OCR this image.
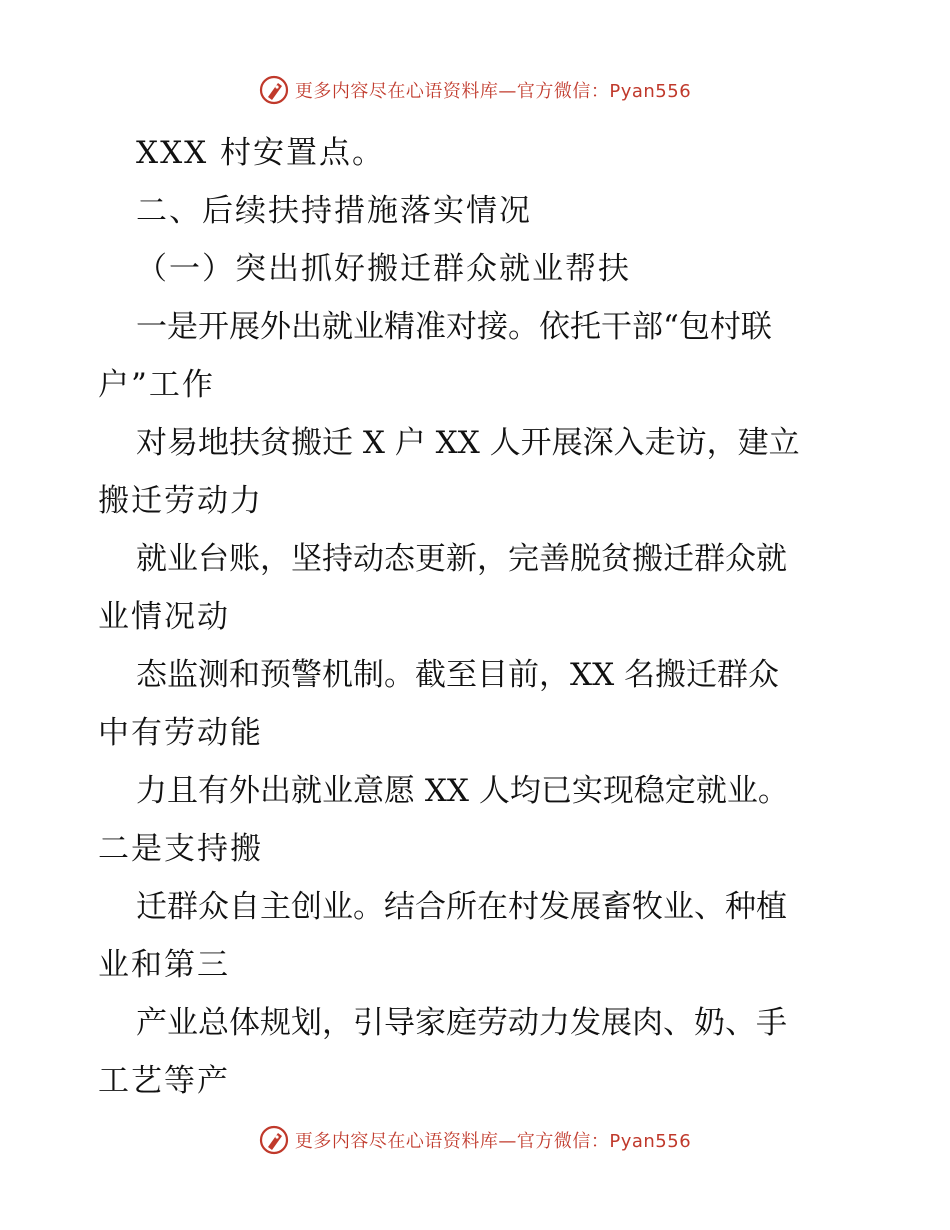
更多内容尽在心语资料库—官方微信：Pyan556
XXX 村安置点。
二、后续扶持措施落实情况
（一）突出抓好搬迁群众就业帮扶
一是开展外出就业精准对接。依托干部“包村联
户”工作
对易地扶贫搬迁 X 户 XX 人开展深入走访，建立
搬迁劳动力
就业台账，坚持动态更新，完善脱贫搬迁群众就
业情况动
态监测和预警机制。截至目前，XX 名搬迁群众
中有劳动能
力且有外出就业意愿 XX 人均已实现稳定就业。
二是支持搬
迁群众自主创业。结合所在村发展畜牧业、种植
业和第三
产业总体规划，引导家庭劳动力发展肉、奶、手
工艺等产
更多内容尽在心语资料库—官方微信：Pyan556
